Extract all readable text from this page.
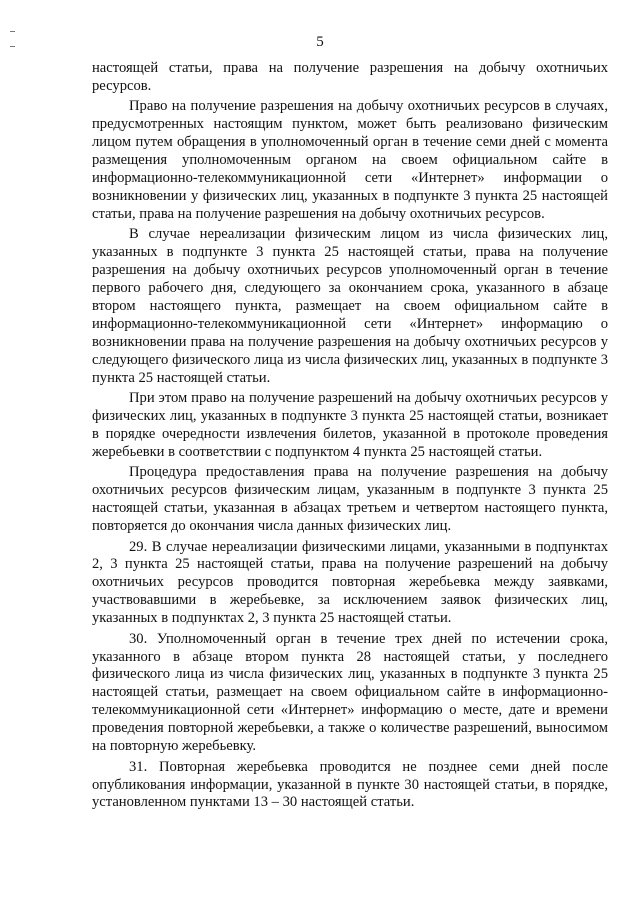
5

настоящей статьи, права на получение разрешения на добычу охотничьих ресурсов.

Право на получение разрешения на добычу охотничьих ресурсов в случаях, предусмотренных настоящим пунктом, может быть реализовано физическим лицом путем обращения в уполномоченный орган в течение семи дней с момента размещения уполномоченным органом на своем официальном сайте в информационно-телекоммуникационной сети «Интернет» информации о возникновении у физических лиц, указанных в подпункте 3 пункта 25 настоящей статьи, права на получение разрешения на добычу охотничьих ресурсов.

В случае нереализации физическим лицом из числа физических лиц, указанных в подпункте 3 пункта 25 настоящей статьи, права на получение разрешения на добычу охотничьих ресурсов уполномоченный орган в течение первого рабочего дня, следующего за окончанием срока, указанного в абзаце втором настоящего пункта, размещает на своем официальном сайте в информационно-телекоммуникационной сети «Интернет» информацию о возникновении права на получение разрешения на добычу охотничьих ресурсов у следующего физического лица из числа физических лиц, указанных в подпункте 3 пункта 25 настоящей статьи.

При этом право на получение разрешений на добычу охотничьих ресурсов у физических лиц, указанных в подпункте 3 пункта 25 настоящей статьи, возникает в порядке очередности извлечения билетов, указанной в протоколе проведения жеребьевки в соответствии с подпунктом 4 пункта 25 настоящей статьи.

Процедура предоставления права на получение разрешения на добычу охотничьих ресурсов физическим лицам, указанным в подпункте 3 пункта 25 настоящей статьи, указанная в абзацах третьем и четвертом настоящего пункта, повторяется до окончания числа данных физических лиц.

29. В случае нереализации физическими лицами, указанными в подпунктах 2, 3 пункта 25 настоящей статьи, права на получение разрешений на добычу охотничьих ресурсов проводится повторная жеребьевка между заявками, участвовавшими в жеребьевке, за исключением заявок физических лиц, указанных в подпунктах 2, 3 пункта 25 настоящей статьи.

30. Уполномоченный орган в течение трех дней по истечении срока, указанного в абзаце втором пункта 28 настоящей статьи, у последнего физического лица из числа физических лиц, указанных в подпункте 3 пункта 25 настоящей статьи, размещает на своем официальном сайте в информационно-телекоммуникационной сети «Интернет» информацию о месте, дате и времени проведения повторной жеребьевки, а также о количестве разрешений, выносимом на повторную жеребьевку.

31. Повторная жеребьевка проводится не позднее семи дней после опубликования информации, указанной в пункте 30 настоящей статьи, в порядке, установленном пунктами 13 – 30 настоящей статьи.
